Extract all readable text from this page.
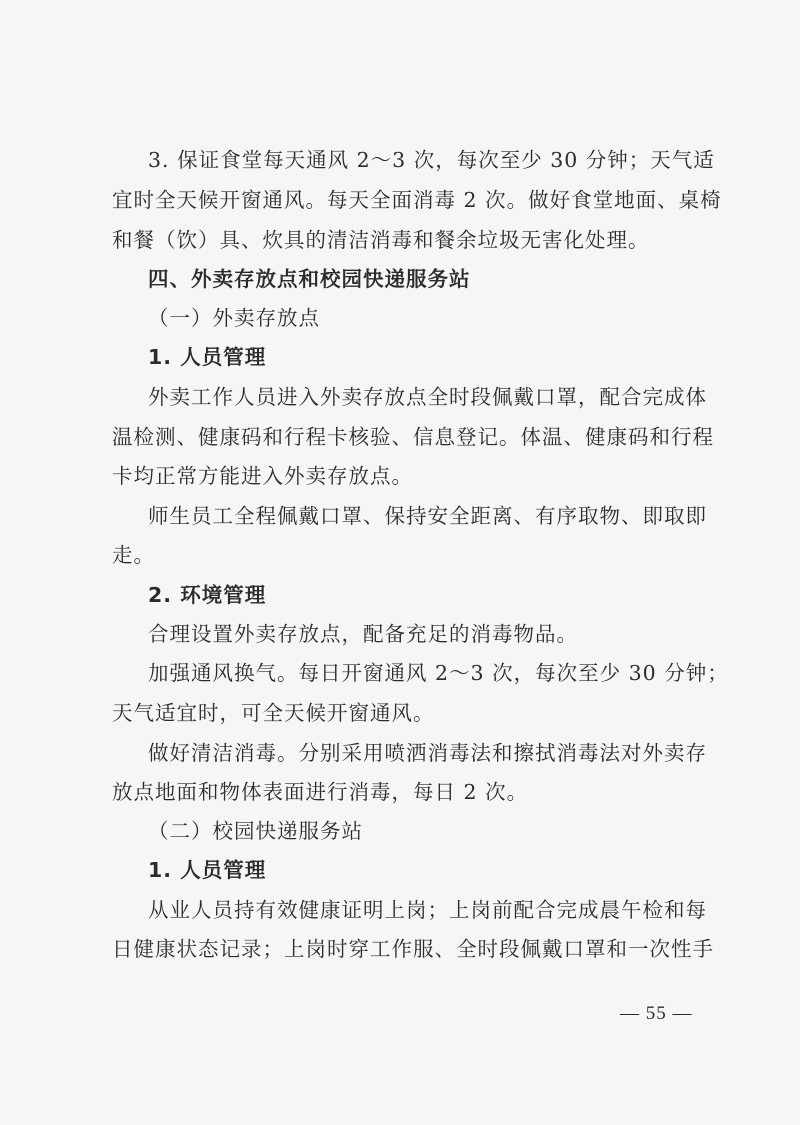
3. 保证食堂每天通风 2～3 次，每次至少 30 分钟；天气适
宜时全天候开窗通风。每天全面消毒 2 次。做好食堂地面、桌椅
和餐（饮）具、炊具的清洁消毒和餐余垃圾无害化处理。
四、外卖存放点和校园快递服务站
（一）外卖存放点
1. 人员管理
外卖工作人员进入外卖存放点全时段佩戴口罩，配合完成体
温检测、健康码和行程卡核验、信息登记。体温、健康码和行程
卡均正常方能进入外卖存放点。
师生员工全程佩戴口罩、保持安全距离、有序取物、即取即
走。
2. 环境管理
合理设置外卖存放点，配备充足的消毒物品。
加强通风换气。每日开窗通风 2～3 次，每次至少 30 分钟；
天气适宜时，可全天候开窗通风。
做好清洁消毒。分别采用喷洒消毒法和擦拭消毒法对外卖存
放点地面和物体表面进行消毒，每日 2 次。
（二）校园快递服务站
1. 人员管理
从业人员持有效健康证明上岗；上岗前配合完成晨午检和每
日健康状态记录；上岗时穿工作服、全时段佩戴口罩和一次性手
— 55 —
